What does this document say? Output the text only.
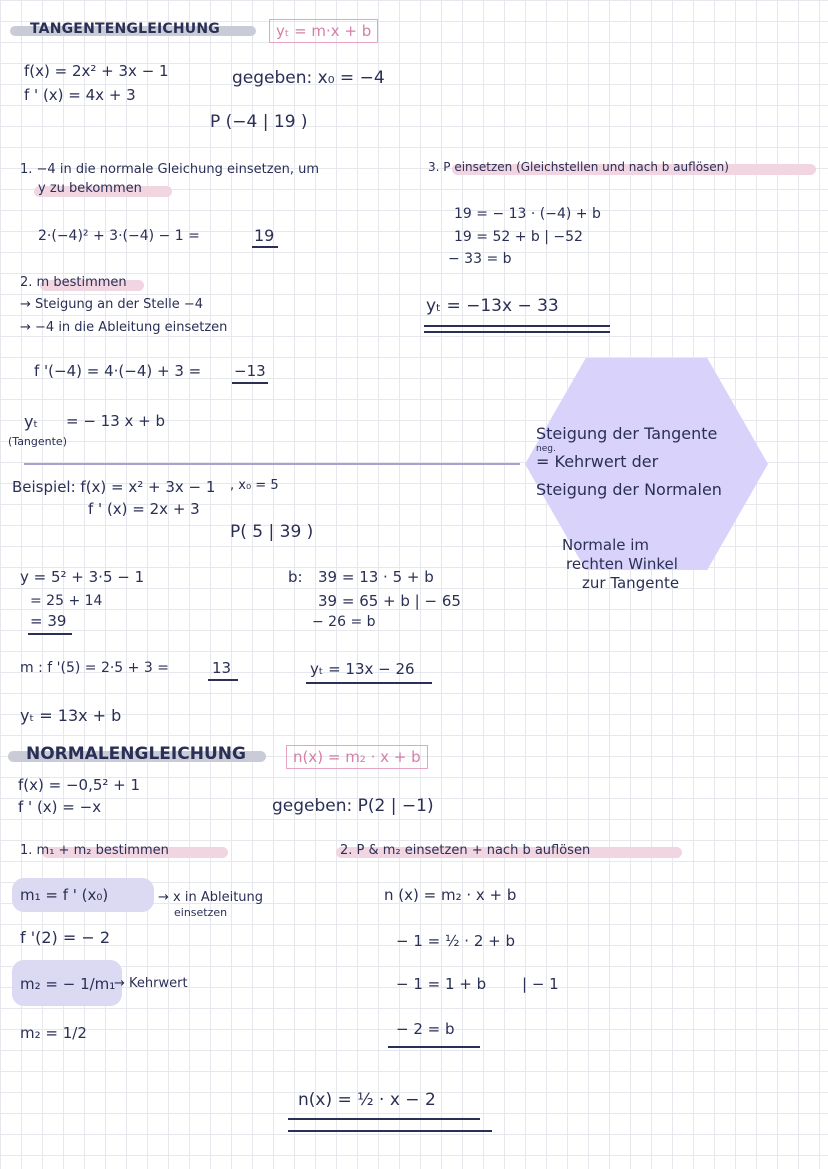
TANGENTENGLEICHUNG	yₜ = m·x + b
f(x) = 2x² + 3x − 1
f ' (x) = 4x + 3
gegeben: x₀ = −4
P (−4 | 19 )
1. −4 in die normale Gleichung einsetzen, um
y zu bekommen
2·(−4)² + 3·(−4) − 1 =	19
2. m bestimmen
→ Steigung an der Stelle −4
→ −4 in die Ableitung einsetzen
f '(−4) = 4·(−4) + 3 = −13
yₜ = − 13 x + b
(Tangente)
3. P einsetzen (Gleichstellen und nach b auflösen)
19 = − 13 · (−4) + b
19 = 52 + b | −52
− 33 = b
yₜ = −13x − 33
Steigung der Tangente
neg.
= Kehrwert der
Steigung der Normalen
Normale im
rechten Winkel
zur Tangente
Beispiel: f(x) = x² + 3x − 1 , x₀ = 5
f ' (x) = 2x + 3
P( 5 | 39 )
y = 5² + 3·5 − 1
= 25 + 14
= 39
b: 39 = 13 · 5 + b
39 = 65 + b | − 65
− 26 = b
m : f '(5) = 2·5 + 3 =	13	yₜ = 13x − 26
yₜ = 13x + b
NORMALENGLEICHUNG	n(x) = m₂ · x + b
f(x) = −0,5² + 1
f ' (x) = −x	gegeben: P(2 | −1)
1. m₁ + m₂ bestimmen	2. P & m₂ einsetzen + nach b auflösen
m₁ = f ' (x₀)	→ x in Ableitung
einsetzen
f '(2) = − 2
m₂ = − 1/m₁
→ Kehrwert
m₂ = 1/2
n (x) = m₂ · x + b
− 1 = ½ · 2 + b
− 1 = 1 + b | − 1
− 2 = b
n(x) = ½ · x − 2
